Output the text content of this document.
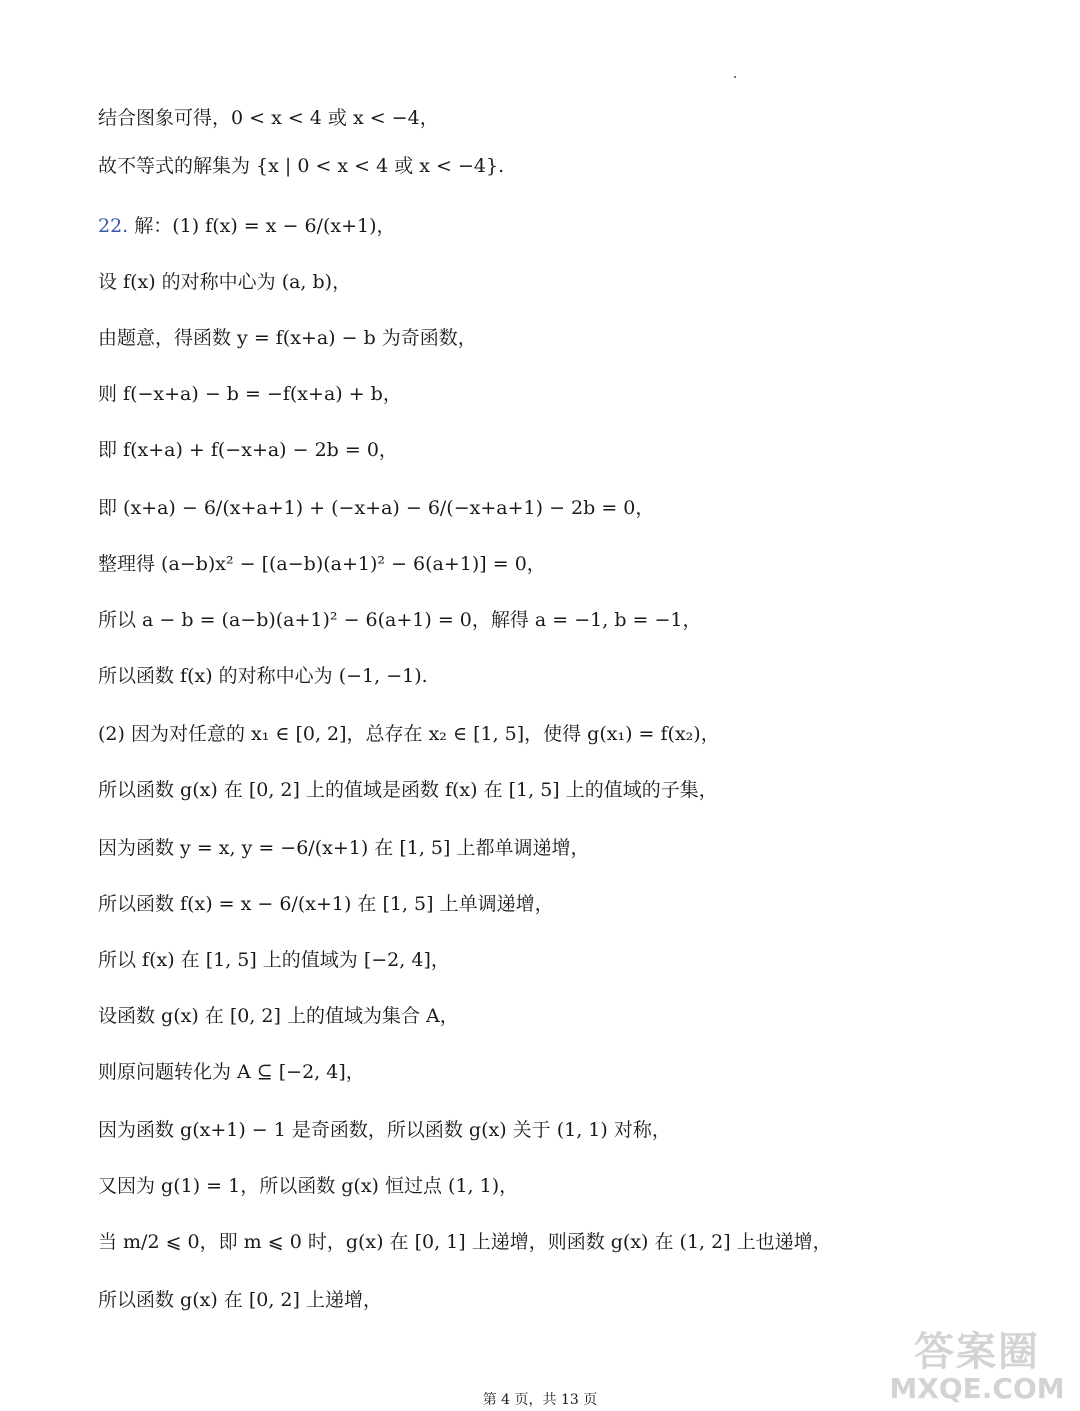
结合图象可得，0 < x < 4 或 x < −4，
故不等式的解集为 {x | 0 < x < 4 或 x < −4}.
22. 解：(1) f(x) = x − 6/(x+1)，
设 f(x) 的对称中心为 (a, b)，
由题意，得函数 y = f(x+a) − b 为奇函数，
则 f(−x+a) − b = −f(x+a) + b，
即 f(x+a) + f(−x+a) − 2b = 0，
即 (x+a) − 6/(x+a+1) + (−x+a) − 6/(−x+a+1) − 2b = 0，
整理得 (a−b)x² − [(a−b)(a+1)² − 6(a+1)] = 0，
所以 a − b = (a−b)(a+1)² − 6(a+1) = 0，解得 a = −1, b = −1，
所以函数 f(x) 的对称中心为 (−1, −1).
(2) 因为对任意的 x₁ ∈ [0, 2]，总存在 x₂ ∈ [1, 5]，使得 g(x₁) = f(x₂)，
所以函数 g(x) 在 [0, 2] 上的值域是函数 f(x) 在 [1, 5] 上的值域的子集，
因为函数 y = x, y = −6/(x+1) 在 [1, 5] 上都单调递增，
所以函数 f(x) = x − 6/(x+1) 在 [1, 5] 上单调递增，
所以 f(x) 在 [1, 5] 上的值域为 [−2, 4]，
设函数 g(x) 在 [0, 2] 上的值域为集合 A，
则原问题转化为 A ⊆ [−2, 4]，
因为函数 g(x+1) − 1 是奇函数，所以函数 g(x) 关于 (1, 1) 对称，
又因为 g(1) = 1，所以函数 g(x) 恒过点 (1, 1)，
当 m/2 ⩽ 0，即 m ⩽ 0 时，g(x) 在 [0, 1] 上递增，则函数 g(x) 在 (1, 2] 上也递增，
所以函数 g(x) 在 [0, 2] 上递增，
第 4 页，共 13 页
答案圈
MXQE.COM
